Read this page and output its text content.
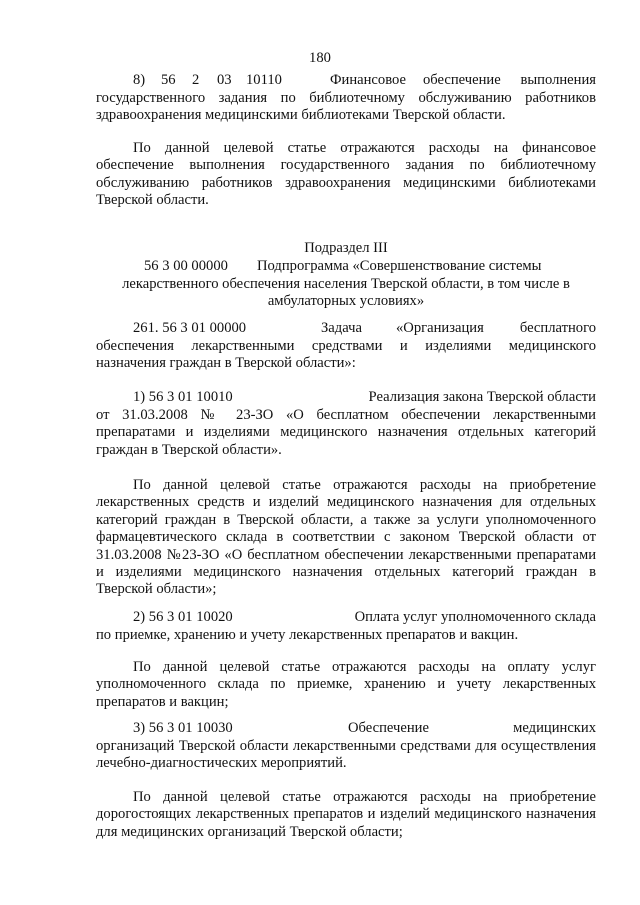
180
8) 56 2 03 10110	Финансовое обеспечение выполнения

государственного задания по библиотечному обслуживанию работников здравоохранения медицинскими библиотеками Тверской области.

По данной целевой статье отражаются расходы на финансовое обеспечение выполнения государственного задания по библиотечному обслуживанию работников здравоохранения медицинскими библиотеками Тверской области.

Подраздел III
56 3 00 00000 Подпрограмма «Совершенствование системы

лекарственного обеспечения населения Тверской области, в том числе в амбулаторных условиях»

261. 56 3 01 00000	Задача «Организация бесплатного

обеспечения лекарственными средствами и изделиями медицинского назначения граждан в Тверской области»:

1) 56 3 01 10010	Реализация закона Тверской области

от 31.03.2008 № 23-ЗО «О бесплатном обеспечении лекарственными препаратами и изделиями медицинского назначения отдельных категорий граждан в Тверской области».

По данной целевой статье отражаются расходы на приобретение лекарственных средств и изделий медицинского назначения для отдельных категорий граждан в Тверской области, а также за услуги уполномоченного фармацевтического склада в соответствии с законом Тверской области от 31.03.2008 №23-ЗО «О бесплатном обеспечении лекарственными препаратами и изделиями медицинского назначения отдельных категорий граждан в Тверской области»;

2) 56 3 01 10020	Оплата услуг уполномоченного склада

по приемке, хранению и учету лекарственных препаратов и вакцин.

По данной целевой статье отражаются расходы на оплату услуг уполномоченного склада по приемке, хранению и учету лекарственных препаратов и вакцин;

3) 56 3 01 10030	Обеспечение	медицинских

организаций Тверской области лекарственными средствами для осуществления лечебно-диагностических мероприятий.

По данной целевой статье отражаются расходы на приобретение дорогостоящих лекарственных препаратов и изделий медицинского назначения для медицинских организаций Тверской области;
